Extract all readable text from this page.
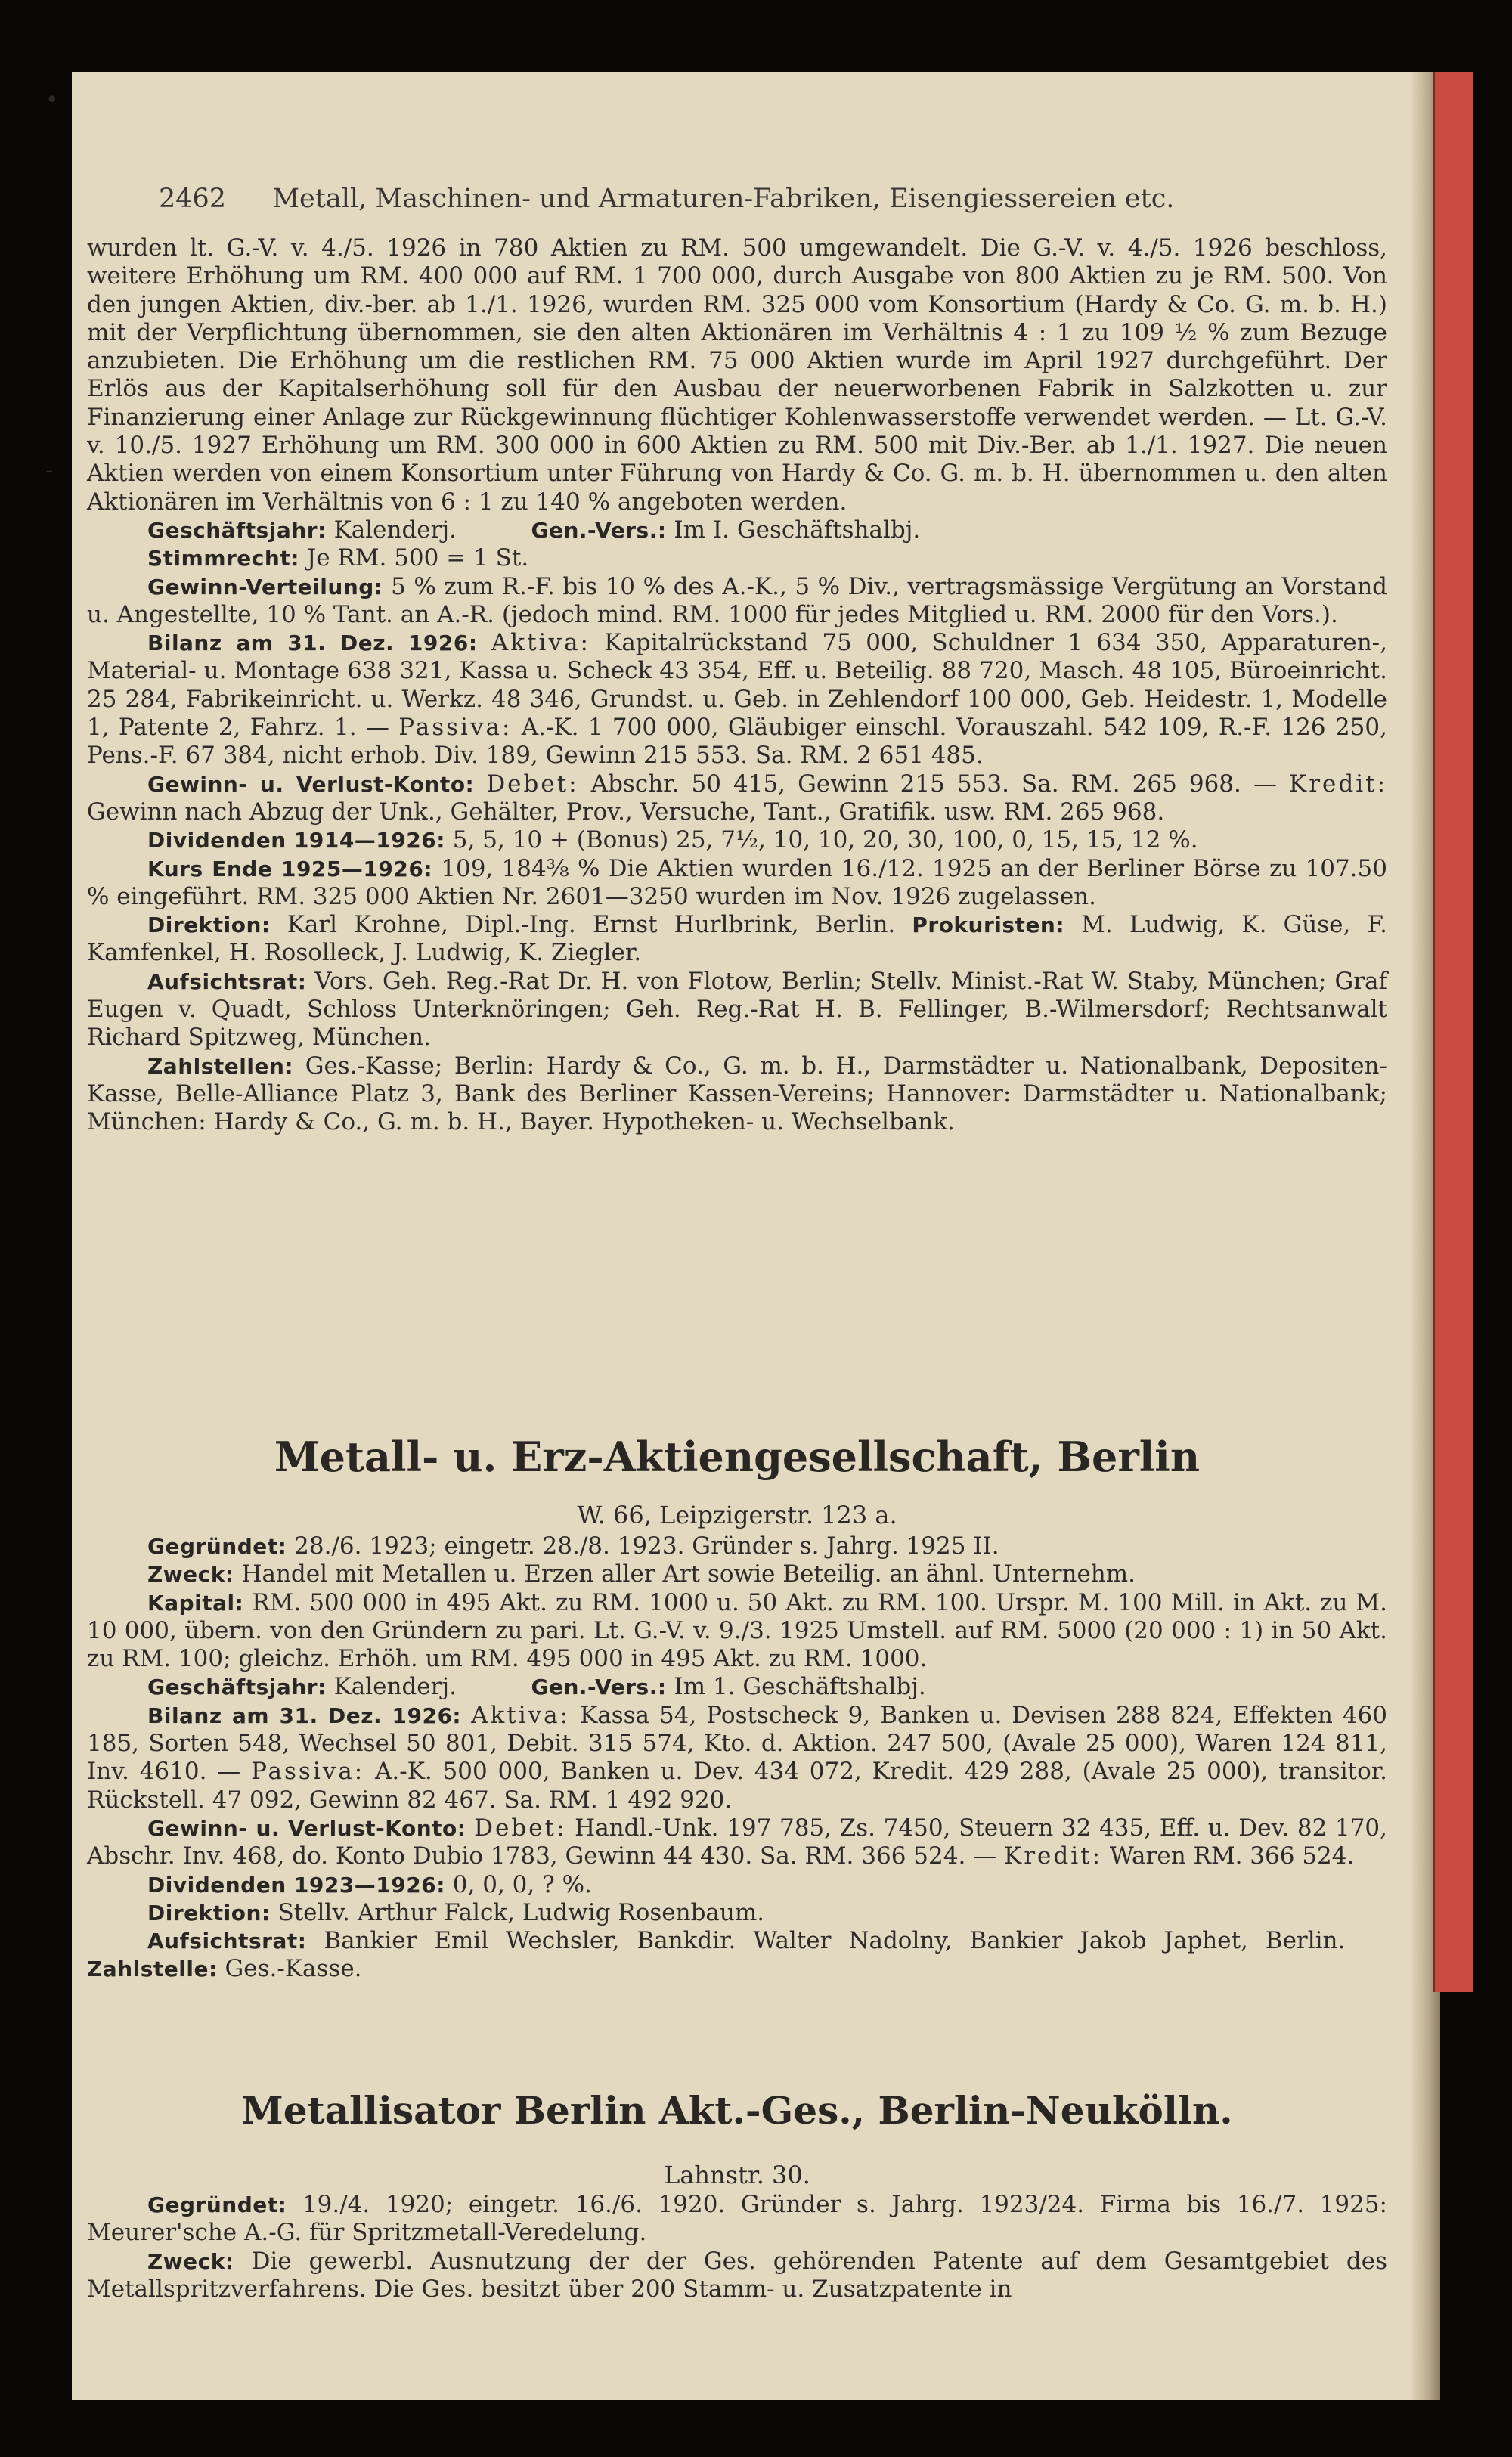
2462 Metall, Maschinen- und Armaturen-Fabriken, Eisengiessereien etc.

wurden lt. G.-V. v. 4./5. 1926 in 780 Aktien zu RM. 500 umgewandelt. Die G.-V. v. 4./5. 1926 beschloss, weitere Erhöhung um RM. 400 000 auf RM. 1 700 000, durch Ausgabe von 800 Aktien zu je RM. 500. Von den jungen Aktien, div.-ber. ab 1./1. 1926, wurden RM. 325 000 vom Konsortium (Hardy & Co. G. m. b. H.) mit der Verpflichtung übernommen, sie den alten Aktionären im Verhältnis 4 : 1 zu 109 ½ % zum Bezuge anzubieten. Die Erhöhung um die restlichen RM. 75 000 Aktien wurde im April 1927 durchgeführt. Der Erlös aus der Kapitalserhöhung soll für den Ausbau der neuerworbenen Fabrik in Salzkotten u. zur Finanzierung einer Anlage zur Rückgewinnung flüchtiger Kohlenwasserstoffe verwendet werden. — Lt. G.-V. v. 10./5. 1927 Erhöhung um RM. 300 000 in 600 Aktien zu RM. 500 mit Div.-Ber. ab 1./1. 1927. Die neuen Aktien werden von einem Konsortium unter Führung von Hardy & Co. G. m. b. H. übernommen u. den alten Aktionären im Verhältnis von 6 : 1 zu 140 % angeboten werden.

Geschäftsjahr: Kalenderj.	Gen.-Vers.: Im I. Geschäftshalbj.

Stimmrecht: Je RM. 500 = 1 St.

Gewinn-Verteilung: 5 % zum R.-F. bis 10 % des A.-K., 5 % Div., vertragsmässige Vergütung an Vorstand u. Angestellte, 10 % Tant. an A.-R. (jedoch mind. RM. 1000 für jedes Mitglied u. RM. 2000 für den Vors.).

Bilanz am 31. Dez. 1926: Aktiva: Kapitalrückstand 75 000, Schuldner 1 634 350, Apparaturen-, Material- u. Montage 638 321, Kassa u. Scheck 43 354, Eff. u. Beteilig. 88 720, Masch. 48 105, Büroeinricht. 25 284, Fabrikeinricht. u. Werkz. 48 346, Grundst. u. Geb. in Zehlendorf 100 000, Geb. Heidestr. 1, Modelle 1, Patente 2, Fahrz. 1. — Passiva: A.-K. 1 700 000, Gläubiger einschl. Vorauszahl. 542 109, R.-F. 126 250, Pens.-F. 67 384, nicht erhob. Div. 189, Gewinn 215 553. Sa. RM. 2 651 485.

Gewinn- u. Verlust-Konto: Debet: Abschr. 50 415, Gewinn 215 553. Sa. RM. 265 968. — Kredit: Gewinn nach Abzug der Unk., Gehälter, Prov., Versuche, Tant., Gratifik. usw. RM. 265 968.

Dividenden 1914—1926: 5, 5, 10 + (Bonus) 25, 7½, 10, 10, 20, 30, 100, 0, 15, 15, 12 %.

Kurs Ende 1925—1926: 109, 184⅜ % Die Aktien wurden 16./12. 1925 an der Berliner Börse zu 107.50 % eingeführt. RM. 325 000 Aktien Nr. 2601—3250 wurden im Nov. 1926 zugelassen.

Direktion: Karl Krohne, Dipl.-Ing. Ernst Hurlbrink, Berlin. Prokuristen: M. Ludwig, K. Güse, F. Kamfenkel, H. Rosolleck, J. Ludwig, K. Ziegler.

Aufsichtsrat: Vors. Geh. Reg.-Rat Dr. H. von Flotow, Berlin; Stellv. Minist.-Rat W. Staby, München; Graf Eugen v. Quadt, Schloss Unterknöringen; Geh. Reg.-Rat H. B. Fellinger, B.-Wilmersdorf; Rechtsanwalt Richard Spitzweg, München.

Zahlstellen: Ges.-Kasse; Berlin: Hardy & Co., G. m. b. H., Darmstädter u. Nationalbank, Depositen-Kasse, Belle-Alliance Platz 3, Bank des Berliner Kassen-Vereins; Hannover: Darmstädter u. Nationalbank; München: Hardy & Co., G. m. b. H., Bayer. Hypotheken- u. Wechselbank.

Metall- u. Erz-Aktiengesellschaft, Berlin
W. 66, Leipzigerstr. 123 a.

Gegründet: 28./6. 1923; eingetr. 28./8. 1923. Gründer s. Jahrg. 1925 II.

Zweck: Handel mit Metallen u. Erzen aller Art sowie Beteilig. an ähnl. Unternehm.

Kapital: RM. 500 000 in 495 Akt. zu RM. 1000 u. 50 Akt. zu RM. 100. Urspr. M. 100 Mill. in Akt. zu M. 10 000, übern. von den Gründern zu pari. Lt. G.-V. v. 9./3. 1925 Umstell. auf RM. 5000 (20 000 : 1) in 50 Akt. zu RM. 100; gleichz. Erhöh. um RM. 495 000 in 495 Akt. zu RM. 1000.

Geschäftsjahr: Kalenderj.	Gen.-Vers.: Im 1. Geschäftshalbj.

Bilanz am 31. Dez. 1926: Aktiva: Kassa 54, Postscheck 9, Banken u. Devisen 288 824, Effekten 460 185, Sorten 548, Wechsel 50 801, Debit. 315 574, Kto. d. Aktion. 247 500, (Avale 25 000), Waren 124 811, Inv. 4610. — Passiva: A.-K. 500 000, Banken u. Dev. 434 072, Kredit. 429 288, (Avale 25 000), transitor. Rückstell. 47 092, Gewinn 82 467. Sa. RM. 1 492 920.

Gewinn- u. Verlust-Konto: Debet: Handl.-Unk. 197 785, Zs. 7450, Steuern 32 435, Eff. u. Dev. 82 170, Abschr. Inv. 468, do. Konto Dubio 1783, Gewinn 44 430. Sa. RM. 366 524. — Kredit: Waren RM. 366 524.

Dividenden 1923—1926: 0, 0, 0, ? %.

Direktion: Stellv. Arthur Falck, Ludwig Rosenbaum.

Aufsichtsrat: Bankier Emil Wechsler, Bankdir. Walter Nadolny, Bankier Jakob Japhet, Berlin.    Zahlstelle: Ges.-Kasse.

Metallisator Berlin Akt.-Ges., Berlin-Neukölln.
Lahnstr. 30.

Gegründet: 19./4. 1920; eingetr. 16./6. 1920. Gründer s. Jahrg. 1923/24. Firma bis 16./7. 1925: Meurer'sche A.-G. für Spritzmetall-Veredelung.

Zweck: Die gewerbl. Ausnutzung der der Ges. gehörenden Patente auf dem Gesamtgebiet des Metallspritzverfahrens. Die Ges. besitzt über 200 Stamm- u. Zusatzpatente in

•
-
